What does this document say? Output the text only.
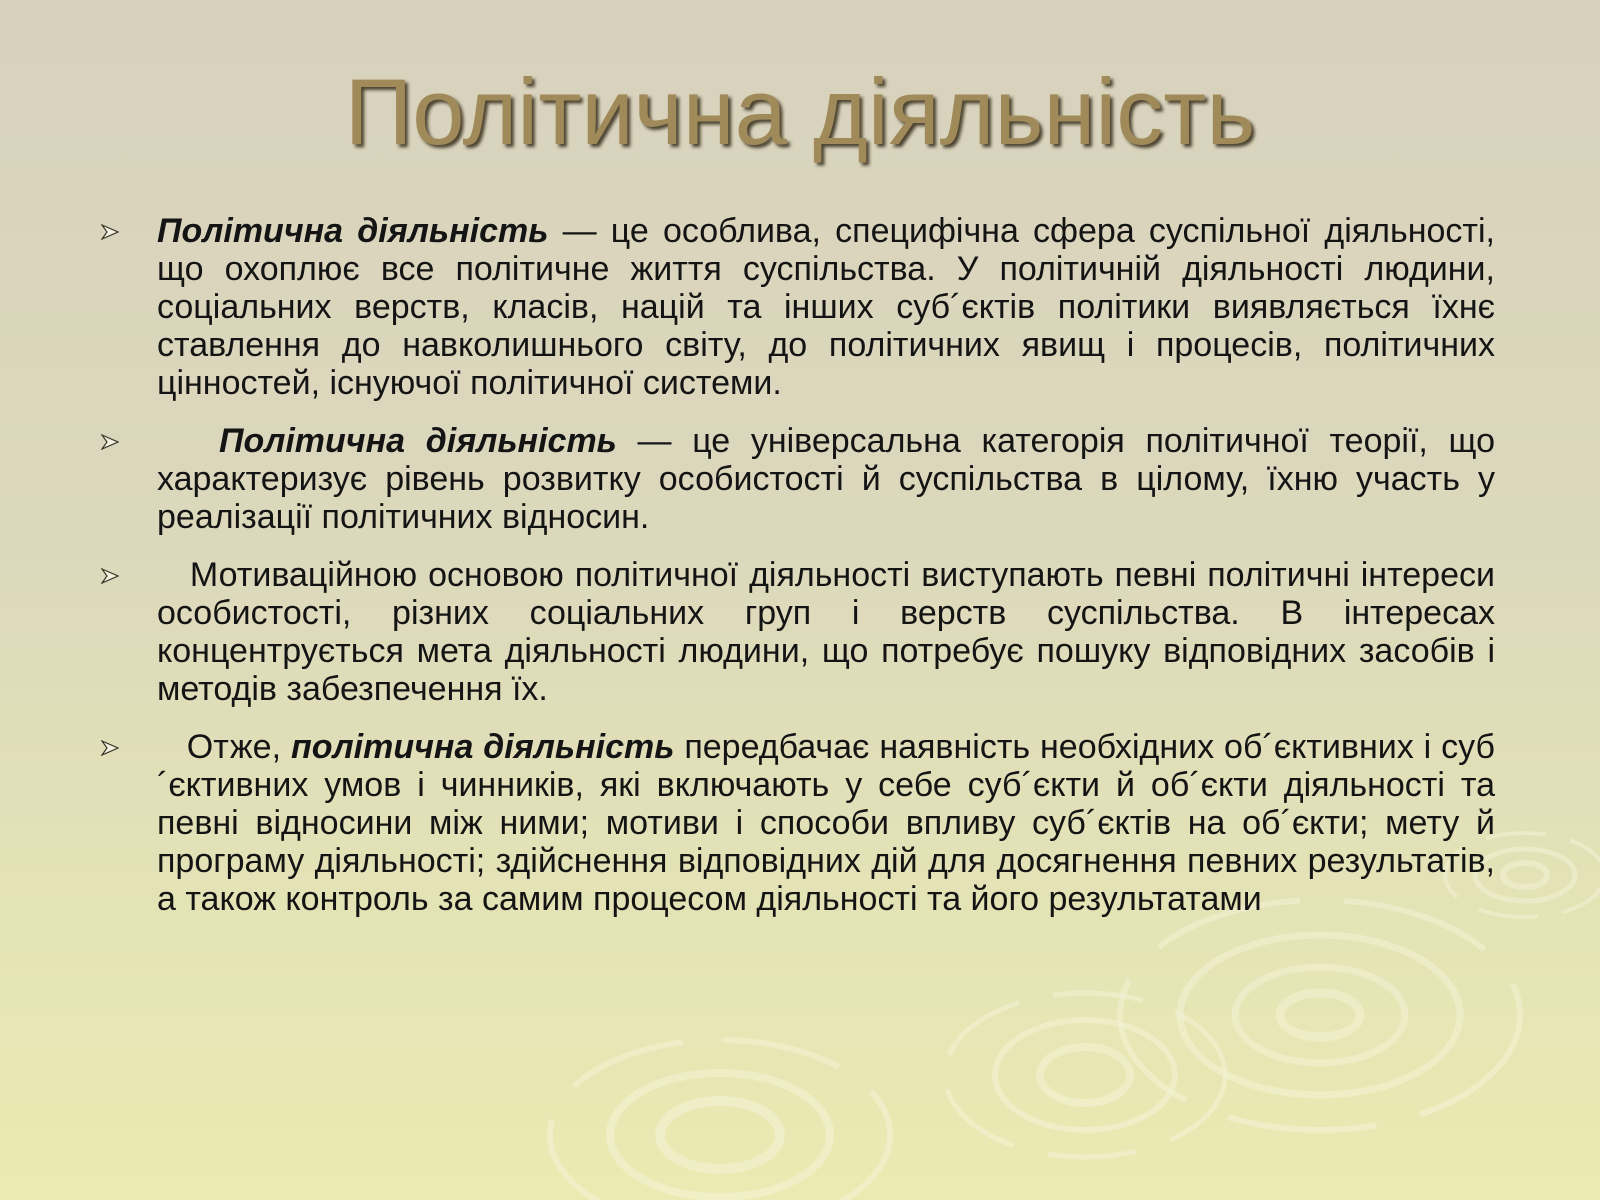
Політична діяльність
Політична діяльність — це особлива, специфічна сфера суспільної діяльності, що охоплює все політичне життя суспільства. У політичній діяльності людини, соціальних верств, класів, націй та інших суб´єктів політики виявляється їхнє ставлення до навколишнього світу, до політичних явищ і процесів, політичних цінностей, існуючої політичної системи.
Політична діяльність — це універсальна категорія політичної теорії, що характеризує рівень розвитку особистості й суспільства в цілому, їхню участь у реалізації політичних відносин.
Мотиваційною основою політичної діяльності виступають певні політичні інтереси особистості, різних соціальних груп і верств суспільства. В інтересах концентрується мета діяльності людини, що потребує пошуку відповідних засобів і методів забезпечення їх.
Отже, політична діяльність передбачає наявність необхідних об´єктивних і суб´єктивних умов і чинників, які включають у себе суб´єкти й об´єкти діяльності та певні відносини між ними; мотиви і способи впливу суб´єктів на об´єкти; мету й програму діяльності; здійснення відповідних дій для досягнення певних результатів, а також контроль за самим процесом діяльності та його результатами
